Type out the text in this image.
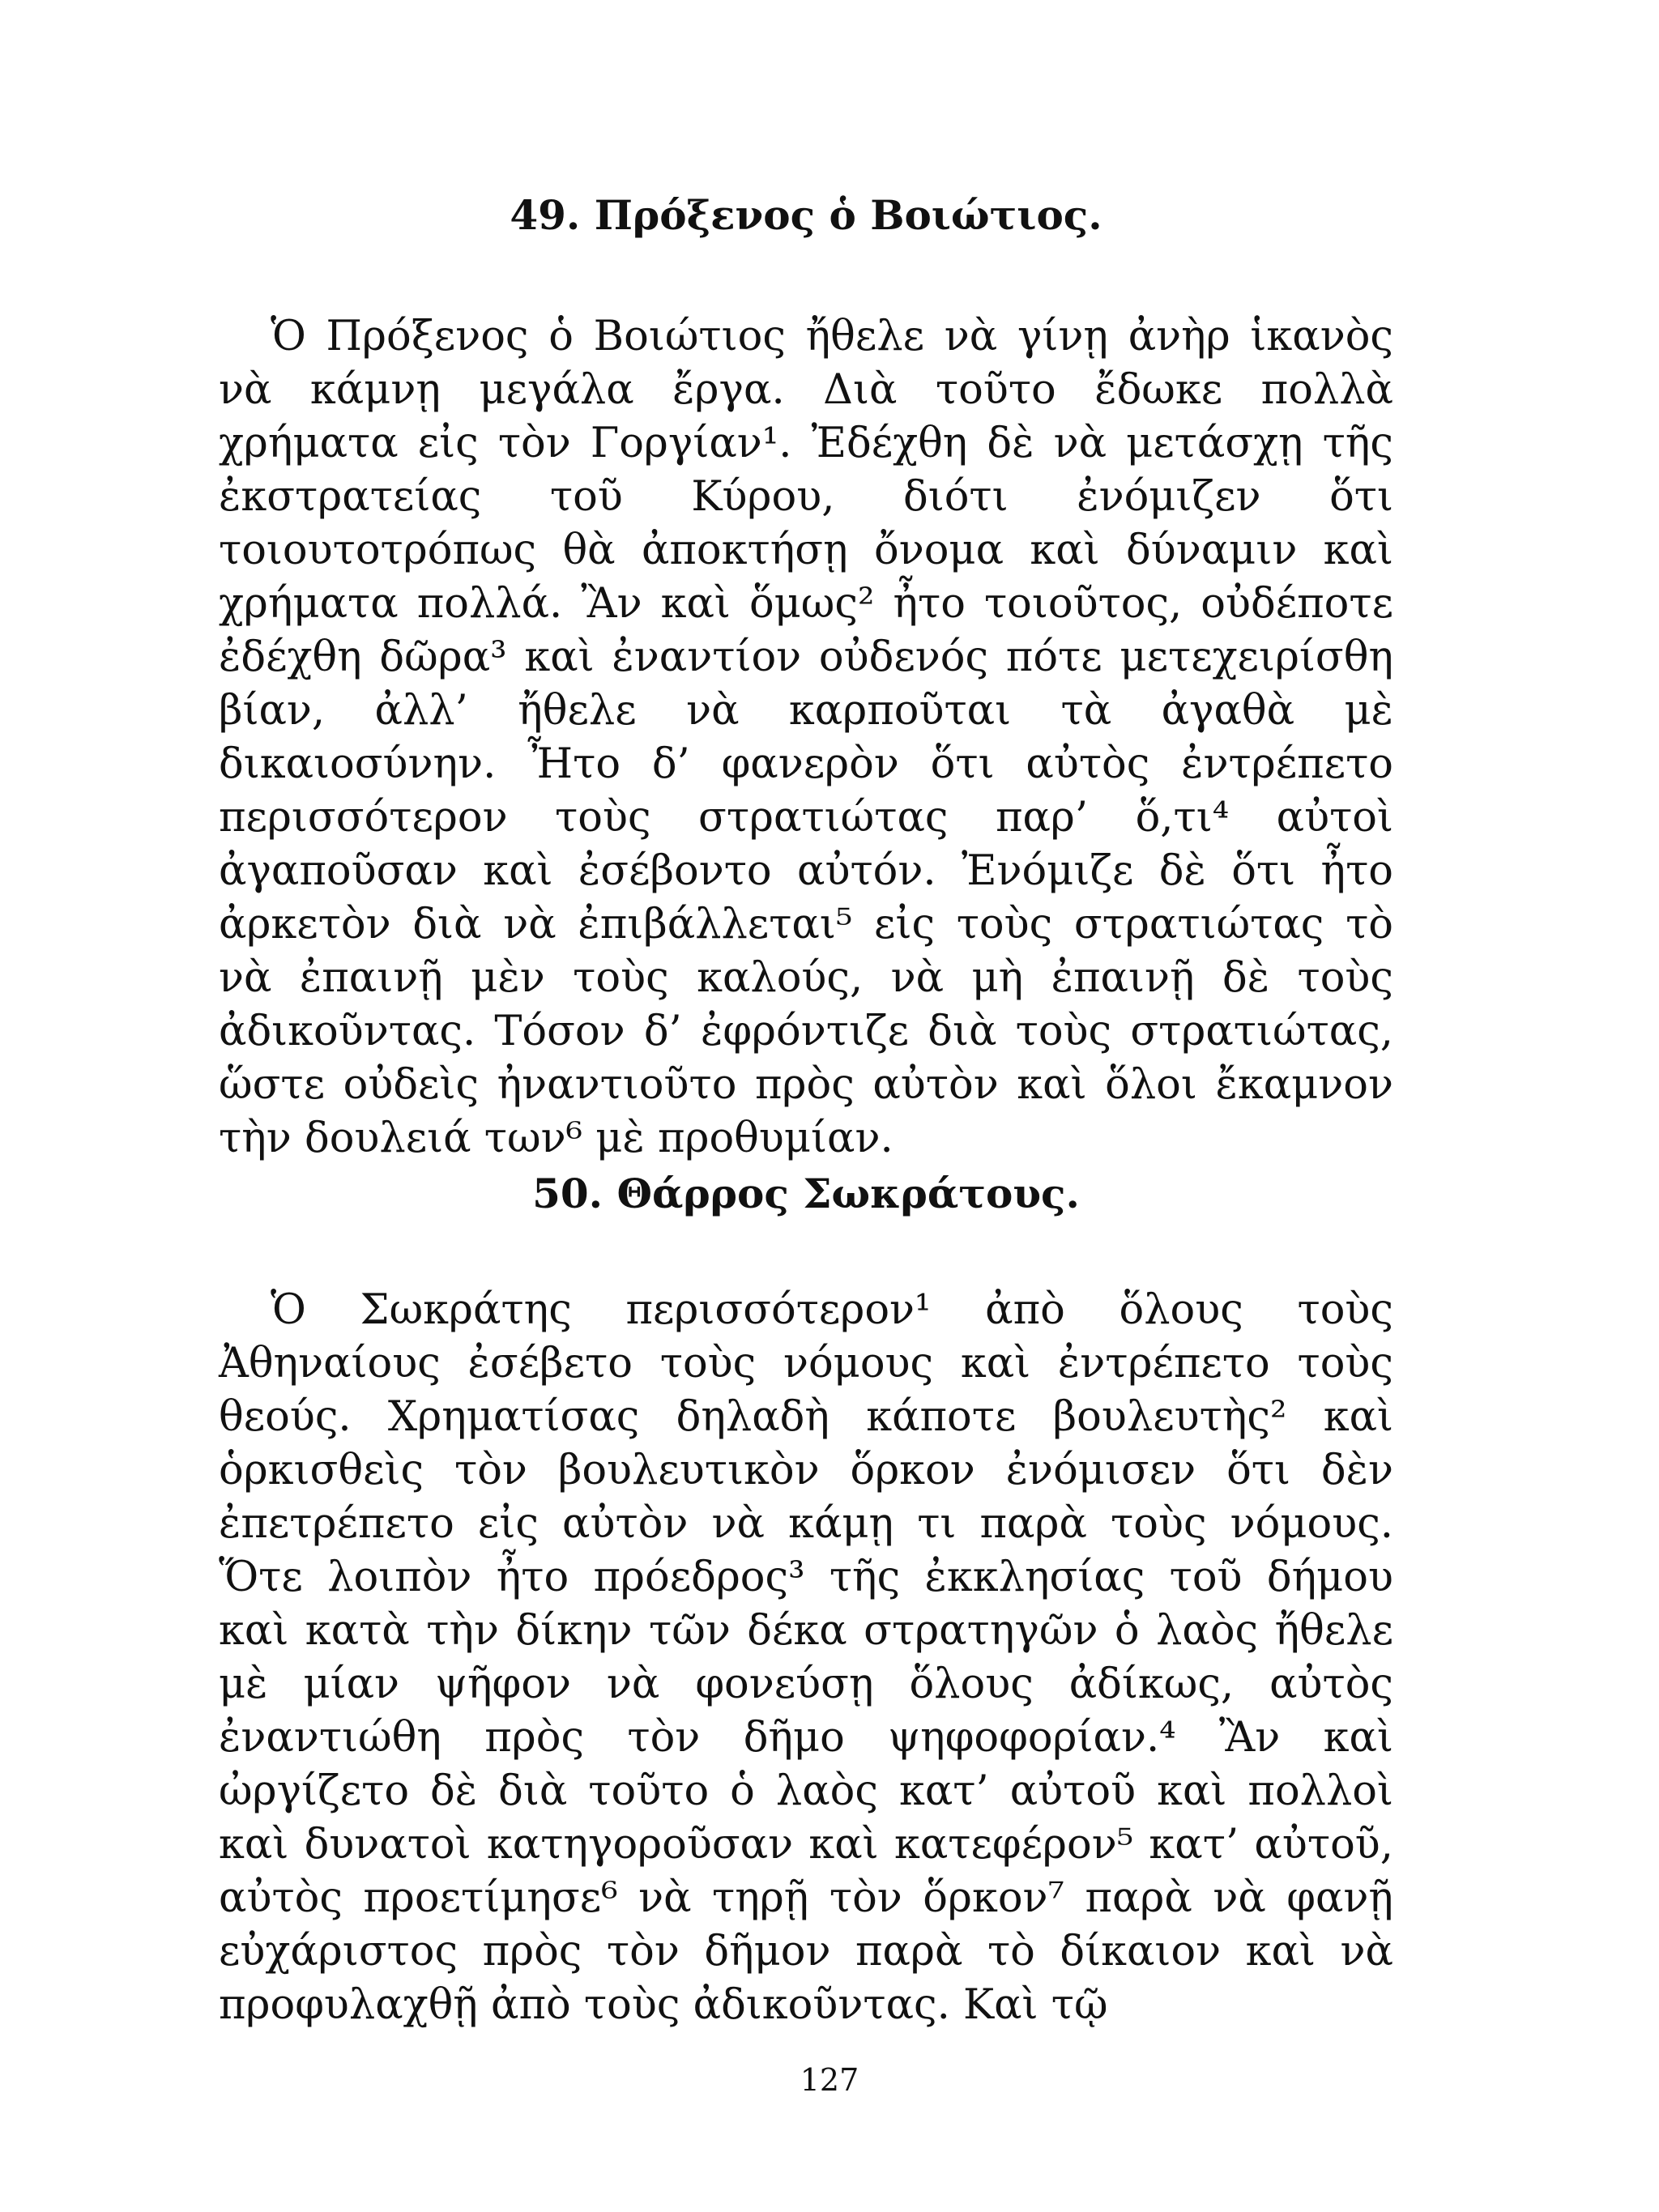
49. Πρόξενος ὁ Βοιώτιος.

Ὁ Πρόξενος ὁ Βοιώτιος ἤθελε νὰ γίνῃ ἀνὴρ ἱκανὸς νὰ κάμνῃ μεγάλα ἔργα. Διὰ τοῦτο ἔδωκε πολλὰ χρήματα εἰς τὸν Γοργίαν¹. Ἐδέχθη δὲ νὰ μετάσχῃ τῆς ἐκστρατείας τοῦ Κύρου, διότι ἐνόμιζεν ὅτι τοιουτοτρόπως θὰ ἀποκτήσῃ ὄνομα καὶ δύναμιν καὶ χρήματα πολλά. Ἂν καὶ ὅμως² ἦτο τοιοῦτος, οὐδέποτε ἐδέχθη δῶρα³ καὶ ἐναντίον οὐδενός πότε μετεχειρίσθη βίαν, ἀλλ’ ἤθελε νὰ καρποῦται τὰ ἀγαθὰ μὲ δικαιοσύνην. Ἦτο δ’ φανερὸν ὅτι αὐτὸς ἐντρέπετο περισσότερον τοὺς στρατιώτας παρ’ ὅ,τι⁴ αὐτοὶ ἀγαποῦσαν καὶ ἐσέβοντο αὐτόν. Ἐνόμιζε δὲ ὅτι ἦτο ἀρκετὸν διὰ νὰ ἐπιβάλλεται⁵ εἰς τοὺς στρατιώτας τὸ νὰ ἐπαινῇ μὲν τοὺς καλούς, νὰ μὴ ἐπαινῇ δὲ τοὺς ἀδικοῦντας. Τόσον δ’ ἐφρόντιζε διὰ τοὺς στρατιώτας, ὥστε οὐδεὶς ἠναντιοῦτο πρὸς αὐτὸν καὶ ὅλοι ἔκαμνον τὴν δουλειά των⁶ μὲ προθυμίαν.

50. Θάρρος Σωκράτους.

Ὁ Σωκράτης περισσότερον¹ ἀπὸ ὅλους τοὺς Ἀθηναίους ἐσέβετο τοὺς νόμους καὶ ἐντρέπετο τοὺς θεούς. Χρηματίσας δηλαδὴ κάποτε βουλευτὴς² καὶ ὁρκισθεὶς τὸν βουλευτικὸν ὅρκον ἐνόμισεν ὅτι δὲν ἐπετρέπετο εἰς αὐτὸν νὰ κάμῃ τι παρὰ τοὺς νόμους. Ὅτε λοιπὸν ἦτο πρόεδρος³ τῆς ἐκκλησίας τοῦ δήμου καὶ κατὰ τὴν δίκην τῶν δέκα στρατηγῶν ὁ λαὸς ἤθελε μὲ μίαν ψῆφον νὰ φονεύσῃ ὅλους ἀδίκως, αὐτὸς ἐναντιώθη πρὸς τὸν δῆμο ψηφοφορίαν.⁴ Ἂν καὶ ὠργίζετο δὲ διὰ τοῦτο ὁ λαὸς κατ’ αὐτοῦ καὶ πολλοὶ καὶ δυνατοὶ κατηγοροῦσαν καὶ κατεφέρον⁵ κατ’ αὐτοῦ, αὐτὸς προετίμησε⁶ νὰ τηρῇ τὸν ὅρκον⁷ παρὰ νὰ φανῇ εὐχάριστος πρὸς τὸν δῆμον παρὰ τὸ δίκαιον καὶ νὰ προφυλαχθῇ ἀπὸ τοὺς ἀδικοῦντας. Καὶ τῷ

127
